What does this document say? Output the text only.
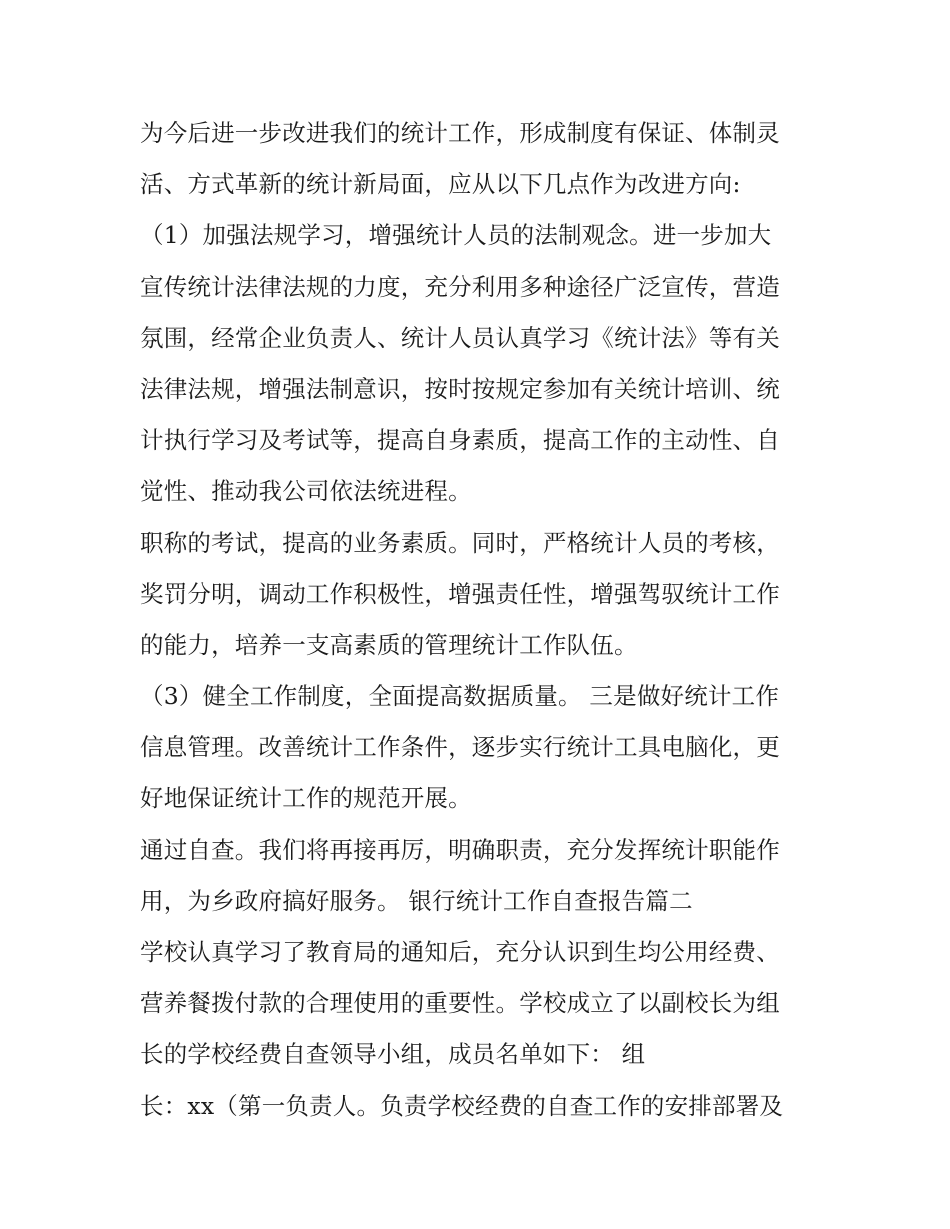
为今后进一步改进我们的统计工作，形成制度有保证、体制灵
活、方式革新的统计新局面，应从以下几点作为改进方向:
（1）加强法规学习，增强统计人员的法制观念。进一步加大
宣传统计法律法规的力度，充分利用多种途径广泛宣传，营造
氛围，经常企业负责人、统计人员认真学习《统计法》等有关
法律法规，增强法制意识，按时按规定参加有关统计培训、统
计执行学习及考试等，提高自身素质，提高工作的主动性、自
觉性、推动我公司依法统进程。
职称的考试，提高的业务素质。同时，严格统计人员的考核，
奖罚分明，调动工作积极性，增强责任性，增强驾驭统计工作
的能力，培养一支高素质的管理统计工作队伍。
（3）健全工作制度，全面提高数据质量。 三是做好统计工作
信息管理。改善统计工作条件，逐步实行统计工具电脑化，更
好地保证统计工作的规范开展。
通过自查。我们将再接再厉，明确职责，充分发挥统计职能作
用，为乡政府搞好服务。 银行统计工作自查报告篇二
学校认真学习了教育局的通知后，充分认识到生均公用经费、
营养餐拨付款的合理使用的重要性。学校成立了以副校长为组
长的学校经费自查领导小组，成员名单如下： 组
长：xx（第一负责人。负责学校经费的自查工作的安排部署及
